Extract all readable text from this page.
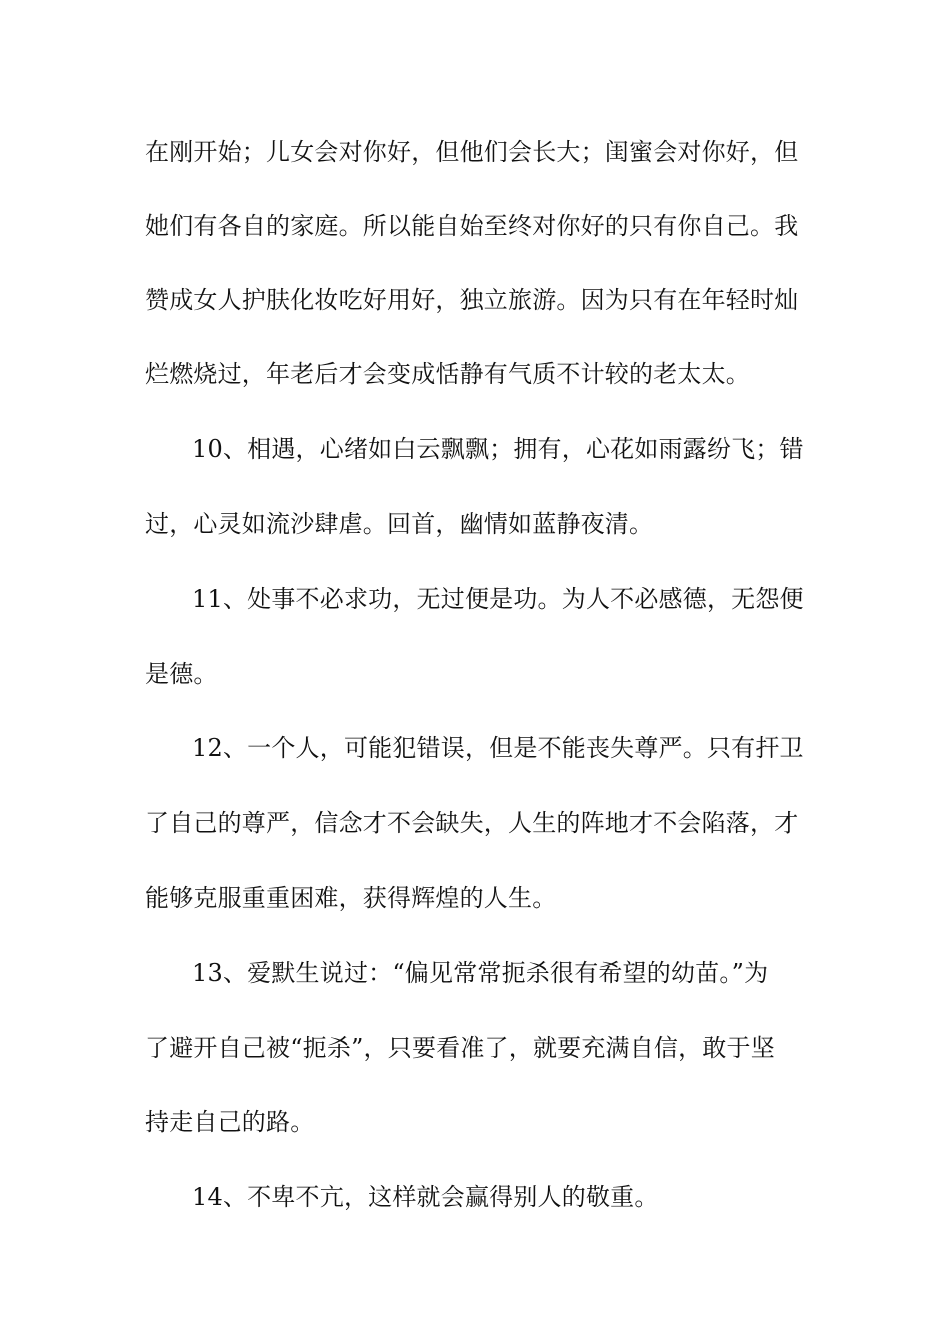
在刚开始；儿女会对你好，但他们会长大；闺蜜会对你好，但
她们有各自的家庭。所以能自始至终对你好的只有你自己。我
赞成女人护肤化妆吃好用好，独立旅游。因为只有在年轻时灿
烂燃烧过，年老后才会变成恬静有气质不计较的老太太。
10、相遇，心绪如白云飘飘；拥有，心花如雨露纷飞；错
过，心灵如流沙肆虐。回首，幽情如蓝静夜清。
11、处事不必求功，无过便是功。为人不必感德，无怨便
是德。
12、一个人，可能犯错误，但是不能丧失尊严。只有扞卫
了自己的尊严，信念才不会缺失，人生的阵地才不会陷落，才
能够克服重重困难，获得辉煌的人生。
13、爱默生说过：“偏见常常扼杀很有希望的幼苗。”为
了避开自己被“扼杀”，只要看准了，就要充满自信，敢于坚
持走自己的路。
14、不卑不亢，这样就会赢得别人的敬重。
